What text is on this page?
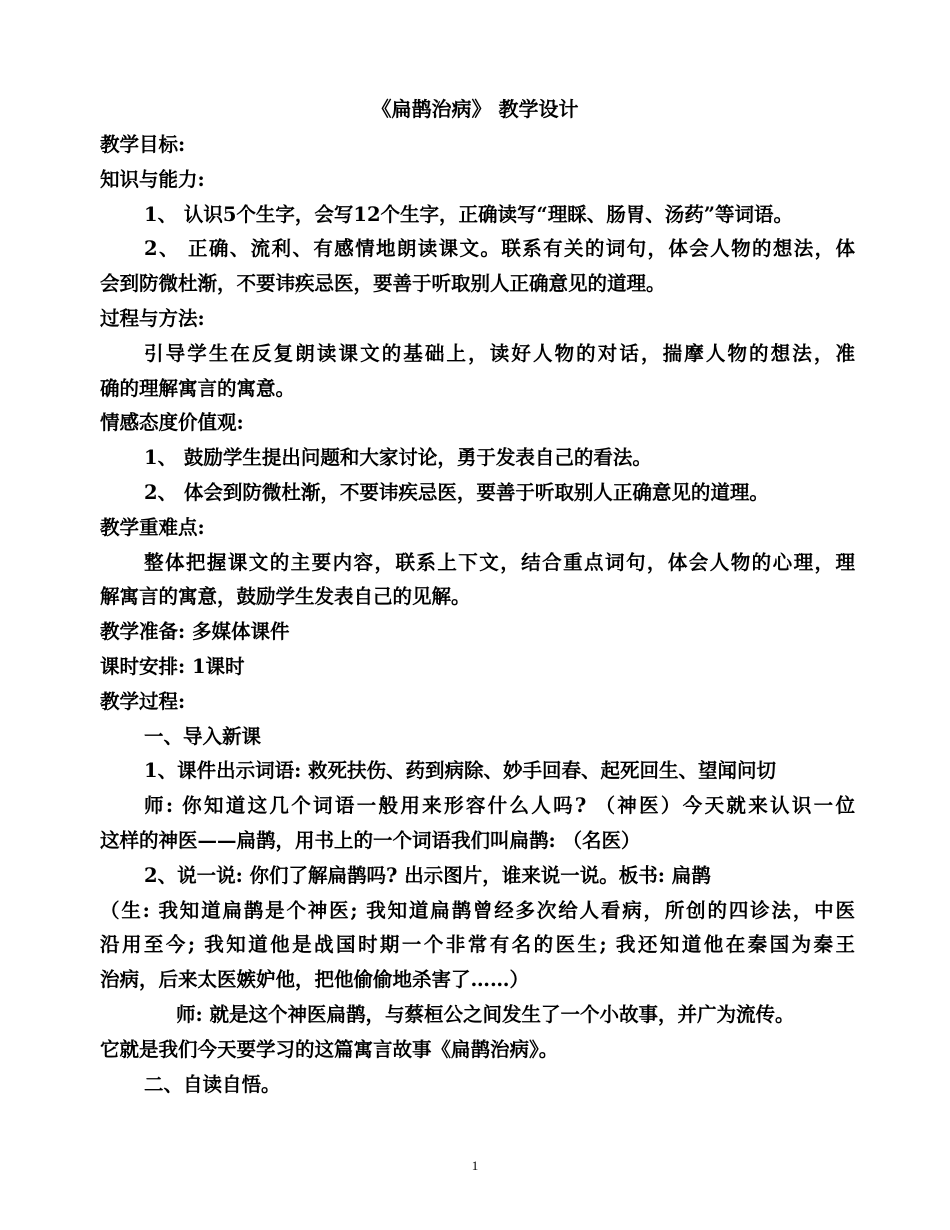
《扁鹊治病》 教学设计

教学目标:

知识与能力:

1、 认识5个生字，会写12个生字，正确读写“理睬、肠胃、汤药”等词语。

2、 正确、流利、有感情地朗读课文。联系有关的词句，体会人物的想法，体

会到防微杜渐，不要讳疾忌医，要善于听取别人正确意见的道理。

过程与方法:

引导学生在反复朗读课文的基础上，读好人物的对话，揣摩人物的想法，准

确的理解寓言的寓意。

情感态度价值观:

1、 鼓励学生提出问题和大家讨论，勇于发表自己的看法。

2、 体会到防微杜渐，不要讳疾忌医，要善于听取别人正确意见的道理。

教学重难点:

整体把握课文的主要内容，联系上下文，结合重点词句，体会人物的心理，理

解寓言的寓意，鼓励学生发表自己的见解。

教学准备: 多媒体课件

课时安排: 1课时

教学过程:

一、导入新课

1、课件出示词语: 救死扶伤、药到病除、妙手回春、起死回生、望闻问切

师: 你知道这几个词语一般用来形容什么人吗? （神医）今天就来认识一位

这样的神医——扁鹊，用书上的一个词语我们叫扁鹊: （名医）

2、说一说: 你们了解扁鹊吗? 出示图片，谁来说一说。板书: 扁鹊

（生: 我知道扁鹊是个神医; 我知道扁鹊曾经多次给人看病，所创的四诊法，中医

沿用至今; 我知道他是战国时期一个非常有名的医生; 我还知道他在秦国为秦王

治病，后来太医嫉妒他，把他偷偷地杀害了……）

师: 就是这个神医扁鹊，与蔡桓公之间发生了一个小故事，并广为流传。

它就是我们今天要学习的这篇寓言故事《扁鹊治病》。

二、自读自悟。

1
